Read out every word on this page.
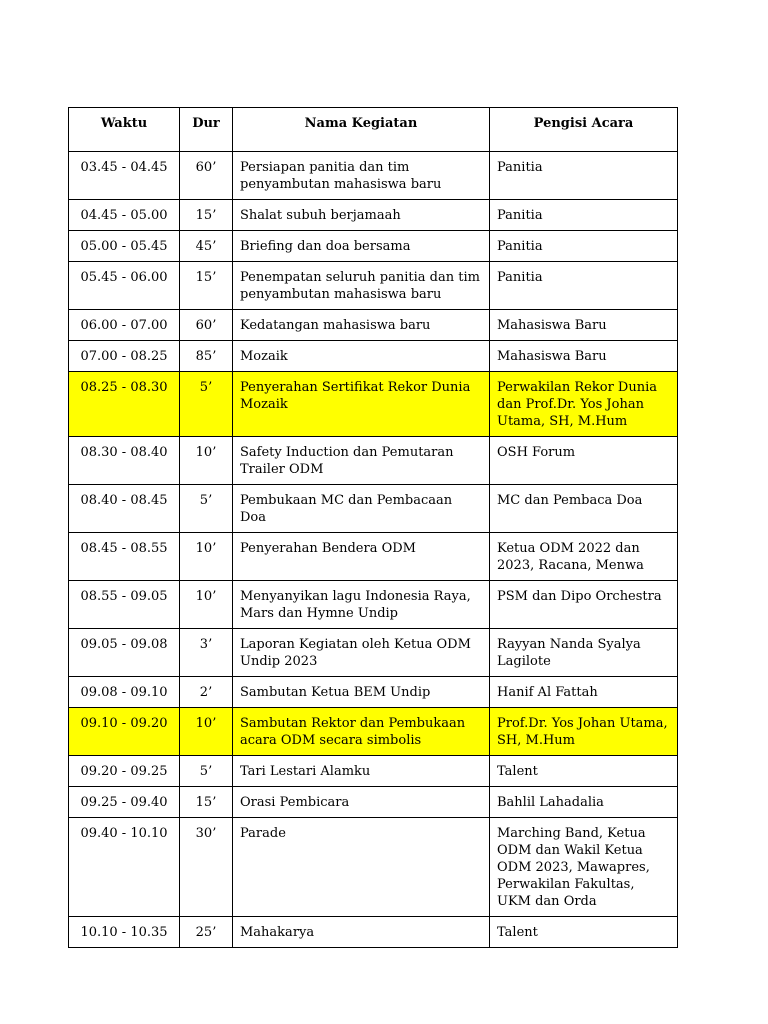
Waktu	Dur	Nama Kegiatan	Pengisi Acara
03.45 - 04.45	60’	Persiapan panitia dan tim penyambutan mahasiswa baru	Panitia
04.45 - 05.00	15’	Shalat subuh berjamaah	Panitia
05.00 - 05.45	45’	Briefing dan doa bersama	Panitia
05.45 - 06.00	15’	Penempatan seluruh panitia dan tim penyambutan mahasiswa baru	Panitia
06.00 - 07.00	60’	Kedatangan mahasiswa baru	Mahasiswa Baru
07.00 - 08.25	85’	Mozaik	Mahasiswa Baru
08.25 - 08.30	5’	Penyerahan Sertifikat Rekor Dunia Mozaik	Perwakilan Rekor Dunia dan Prof.Dr. Yos Johan Utama, SH, M.Hum
08.30 - 08.40	10’	Safety Induction dan Pemutaran Trailer ODM	OSH Forum
08.40 - 08.45	5’	Pembukaan MC dan Pembacaan Doa	MC dan Pembaca Doa
08.45 - 08.55	10’	Penyerahan Bendera ODM	Ketua ODM 2022 dan 2023, Racana, Menwa
08.55 - 09.05	10’	Menyanyikan lagu Indonesia Raya, Mars dan Hymne Undip	PSM dan Dipo Orchestra
09.05 - 09.08	3’	Laporan Kegiatan oleh Ketua ODM Undip 2023	Rayyan Nanda Syalya Lagilote
09.08 - 09.10	2’	Sambutan Ketua BEM Undip	Hanif Al Fattah
09.10 - 09.20	10’	Sambutan Rektor dan Pembukaan acara ODM secara simbolis	Prof.Dr. Yos Johan Utama, SH, M.Hum
09.20 - 09.25	5’	Tari Lestari Alamku	Talent
09.25 - 09.40	15’	Orasi Pembicara	Bahlil Lahadalia
09.40 - 10.10	30’	Parade	Marching Band, Ketua ODM dan Wakil Ketua ODM 2023, Mawapres, Perwakilan Fakultas, UKM dan Orda
10.10 - 10.35	25’	Mahakarya	Talent
